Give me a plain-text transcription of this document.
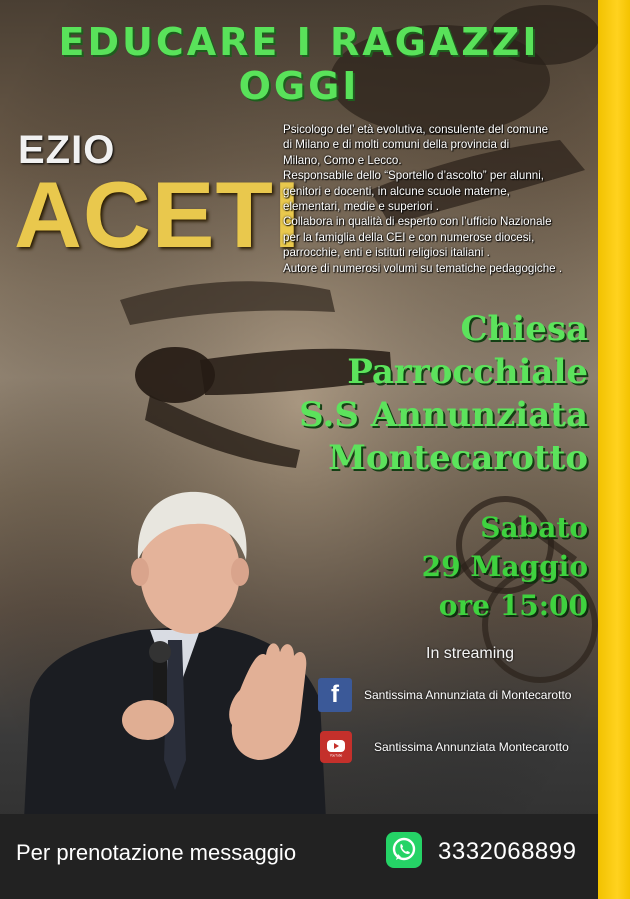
EDUCARE I RAGAZZI OGGI
EZIO
ACETI
Psicologo del’ età evolutiva, consulente del comune
di Milano e di molti comuni della provincia di
Milano, Como e Lecco.
Responsabile dello “Sportello d’ascolto” per alunni,
genitori e docenti, in alcune scuole materne,
elementari, medie e superiori .
Collabora in qualità di esperto con l’ufficio Nazionale
per la famiglia della CEI e con numerose diocesi,
parrocchie, enti e istituti religiosi italiani .
Autore di numerosi volumi su tematiche pedagogiche .
Chiesa
Parrocchiale
S.S Annunziata
Montecarotto
Sabato
29 Maggio
ore 15:00
In streaming
f	Santissima Annunziata di Montecarotto
YouTube
Santissima Annunziata Montecarotto
Per prenotazione messaggio	3332068899
